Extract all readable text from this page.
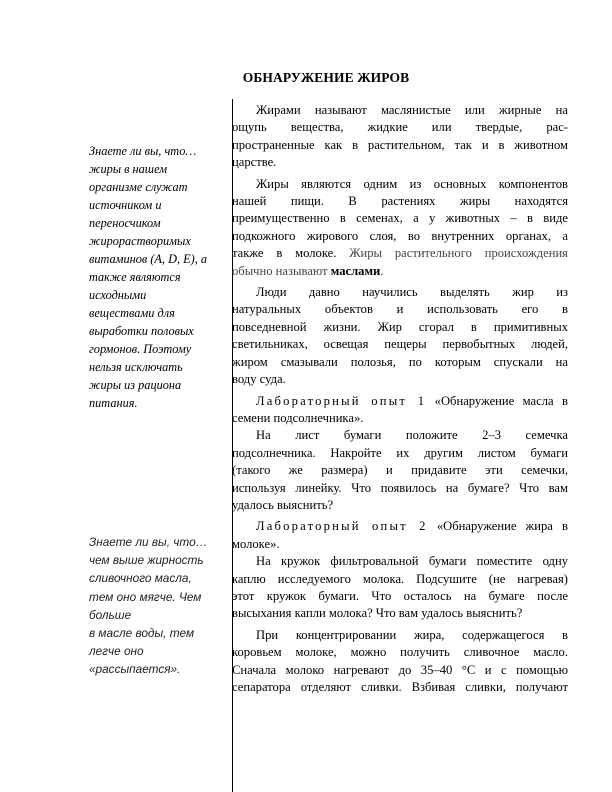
ОБНАРУЖЕНИЕ ЖИРОВ
Знаете ли вы, что…
жиры в нашем
организме служат
источником и
переносчиком
жирорастворимых
витаминов (A, D, E), а
также являются
исходными
веществами для
выработки половых
гормонов. Поэтому
нельзя исключать
жиры из рациона
питания.
Знаете ли вы, что…
чем выше жирность
сливочного масла,
тем оно мягче. Чем
больше
в масле воды, тем
легче оно
«рассыпается».
Жирами называют маслянистые или жирные на
ощупь вещества, жидкие или твердые, рас-
пространенные как в растительном, так и в животном
царстве.
Жиры являются одним из основных компонентов
нашей пищи. В растениях жиры находятся
преимущественно в семенах, а у животных – в виде
подкожного жирового слоя, во внутренних органах, а
также в молоке. Жиры растительного происхождения
обычно называют маслами.
Люди давно научились выделять жир из
натуральных объектов и использовать его в
повседневной жизни. Жир сгорал в примитивных
светильниках, освещая пещеры первобытных людей,
жиром смазывали полозья, по которым спускали на
воду суда.
Лабораторный опыт 1 «Обнаружение масла в
семени подсолнечника».
На лист бумаги положите 2–3 семечка
подсолнечника. Накройте их другим листом бумаги
(такого же размера) и придавите эти семечки,
используя линейку. Что появилось на бумаге? Что вам
удалось выяснить?
Лабораторный опыт 2 «Обнаружение жира в
молоке».
На кружок фильтровальной бумаги поместите одну
каплю исследуемого молока. Подсушите (не нагревая)
этот кружок бумаги. Что осталось на бумаге после
высыхания капли молока? Что вам удалось выяснить?
При концентрировании жира, содержащегося в
коровьем молоке, можно получить сливочное масло.
Сначала молоко нагревают до 35–40 °C и с помощью
сепаратора отделяют сливки. Взбивая сливки, получают
